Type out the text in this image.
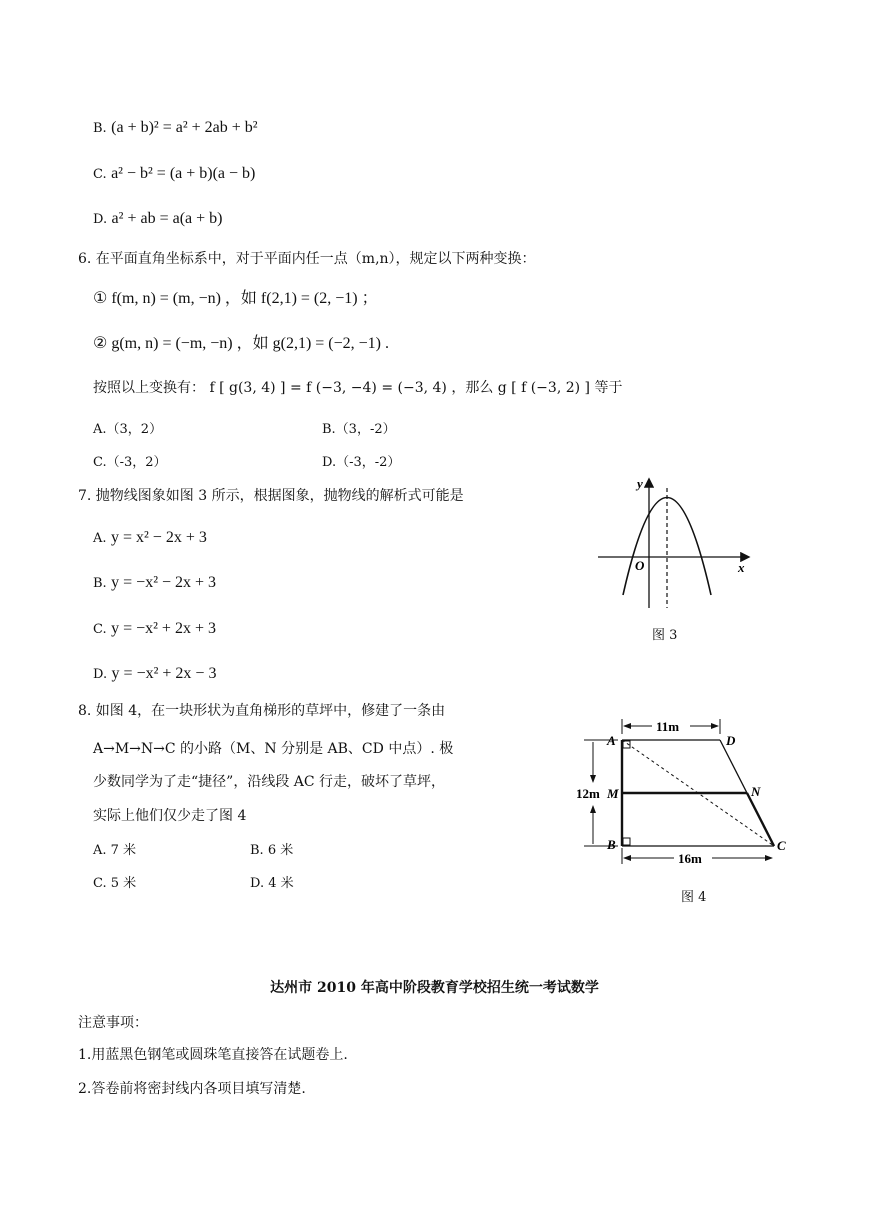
B. (a + b)² = a² + 2ab + b²
C. a² − b² = (a + b)(a − b)
D. a² + ab = a(a + b)
6. 在平面直角坐标系中，对于平面内任一点（m,n），规定以下两种变换：
① f(m, n) = (m, −n) ，如 f(2,1) = (2, −1) ；
② g(m, n) = (−m, −n) ，如 g(2,1) = (−2, −1) .
按照以上变换有： f [ g(3, 4) ] = f (−3, −4) = (−3, 4) ，那么 g [ f (−3, 2) ] 等于
A.（3，2）	B.（3，-2）
C.（-3，2）	D.（-3，-2）
7. 抛物线图象如图 3 所示，根据图象，抛物线的解析式可能是
A. y = x² − 2x + 3
B. y = −x² − 2x + 3
C. y = −x² + 2x + 3
D. y = −x² + 2x − 3
y
x
O
图 3
8. 如图 4，在一块形状为直角梯形的草坪中，修建了一条由
A→M→N→C 的小路（M、N 分别是 AB、CD 中点）. 极
少数同学为了走“捷径”，沿线段 AC 行走，破坏了草坪，
实际上他们仅少走了图 4
A. 7 米	B. 6 米
C. 5 米	D. 4 米
11m
12m
16m
A	D
M	N
B	C
图 4
达州市 2010 年高中阶段教育学校招生统一考试数学
注意事项：
1.用蓝黑色钢笔或圆珠笔直接答在试题卷上.
2.答卷前将密封线内各项目填写清楚.
